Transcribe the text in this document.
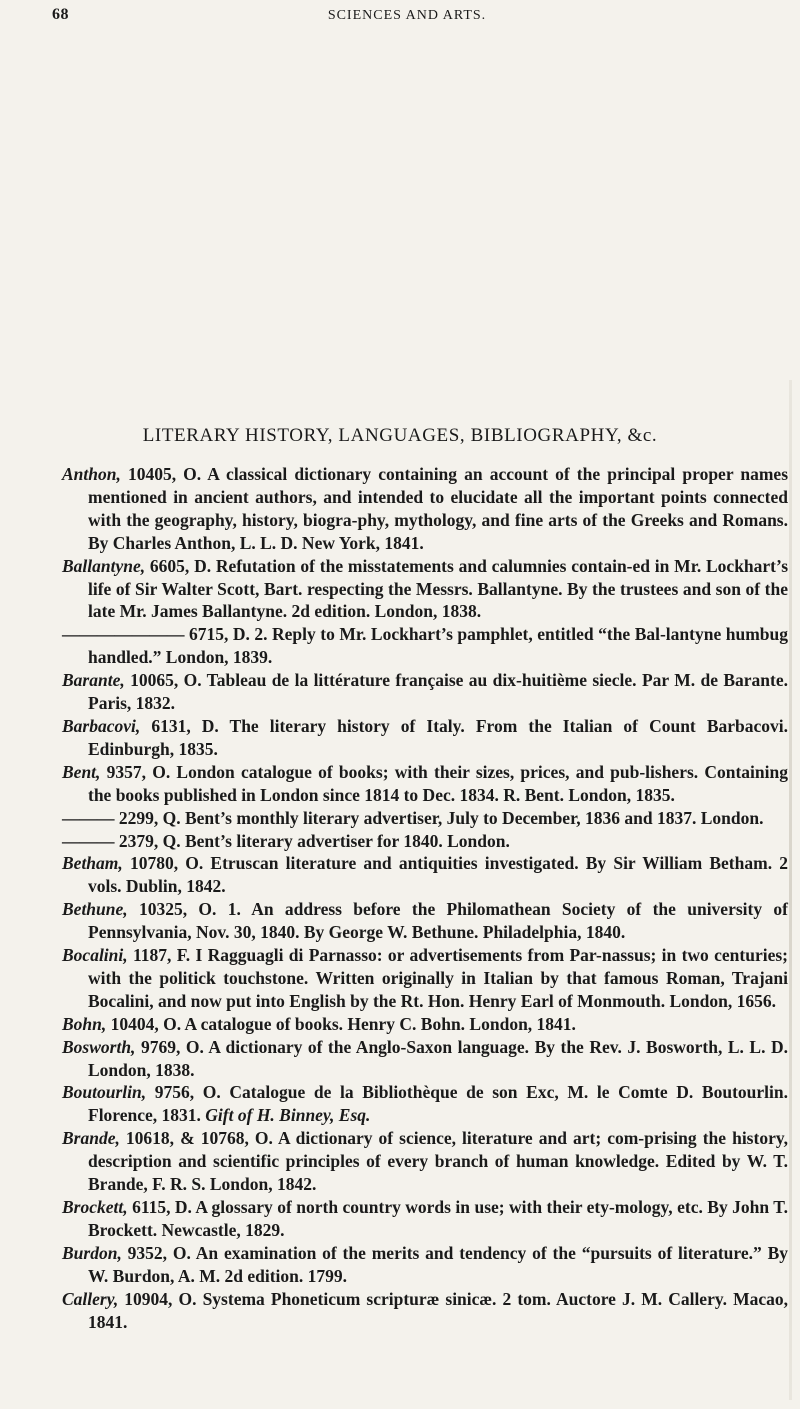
68	SCIENCES AND ARTS.
LITERARY HISTORY, LANGUAGES, BIBLIOGRAPHY, &c.

Anthon, 10405, O. A classical dictionary containing an account of the principal proper names mentioned in ancient authors, and intended to elucidate all the important points connected with the geography, history, biogra-phy, mythology, and fine arts of the Greeks and Romans. By Charles Anthon, L. L. D. New York, 1841.

Ballantyne, 6605, D. Refutation of the misstatements and calumnies contain-ed in Mr. Lockhart’s life of Sir Walter Scott, Bart. respecting the Messrs. Ballantyne. By the trustees and son of the late Mr. James Ballantyne. 2d edition. London, 1838.

——————— 6715, D. 2. Reply to Mr. Lockhart’s pamphlet, entitled “the Bal-lantyne humbug handled.” London, 1839.

Barante, 10065, O. Tableau de la littérature française au dix-huitième siecle. Par M. de Barante. Paris, 1832.

Barbacovi, 6131, D. The literary history of Italy. From the Italian of Count Barbacovi. Edinburgh, 1835.

Bent, 9357, O. London catalogue of books; with their sizes, prices, and pub-lishers. Containing the books published in London since 1814 to Dec. 1834. R. Bent. London, 1835.

——— 2299, Q. Bent’s monthly literary advertiser, July to December, 1836 and 1837. London.

——— 2379, Q. Bent’s literary advertiser for 1840. London.

Betham, 10780, O. Etruscan literature and antiquities investigated. By Sir William Betham. 2 vols. Dublin, 1842.

Bethune, 10325, O. 1. An address before the Philomathean Society of the university of Pennsylvania, Nov. 30, 1840. By George W. Bethune. Philadelphia, 1840.

Bocalini, 1187, F. I Ragguagli di Parnasso: or advertisements from Par-nassus; in two centuries; with the politick touchstone. Written originally in Italian by that famous Roman, Trajani Bocalini, and now put into English by the Rt. Hon. Henry Earl of Monmouth. London, 1656.

Bohn, 10404, O. A catalogue of books. Henry C. Bohn. London, 1841.

Bosworth, 9769, O. A dictionary of the Anglo-Saxon language. By the Rev. J. Bosworth, L. L. D. London, 1838.

Boutourlin, 9756, O. Catalogue de la Bibliothèque de son Exc, M. le Comte D. Boutourlin. Florence, 1831. Gift of H. Binney, Esq.

Brande, 10618, & 10768, O. A dictionary of science, literature and art; com-prising the history, description and scientific principles of every branch of human knowledge. Edited by W. T. Brande, F. R. S. London, 1842.

Brockett, 6115, D. A glossary of north country words in use; with their ety-mology, etc. By John T. Brockett. Newcastle, 1829.

Burdon, 9352, O. An examination of the merits and tendency of the “pursuits of literature.” By W. Burdon, A. M. 2d edition. 1799.

Callery, 10904, O. Systema Phoneticum scripturæ sinicæ. 2 tom. Auctore J. M. Callery. Macao, 1841.
